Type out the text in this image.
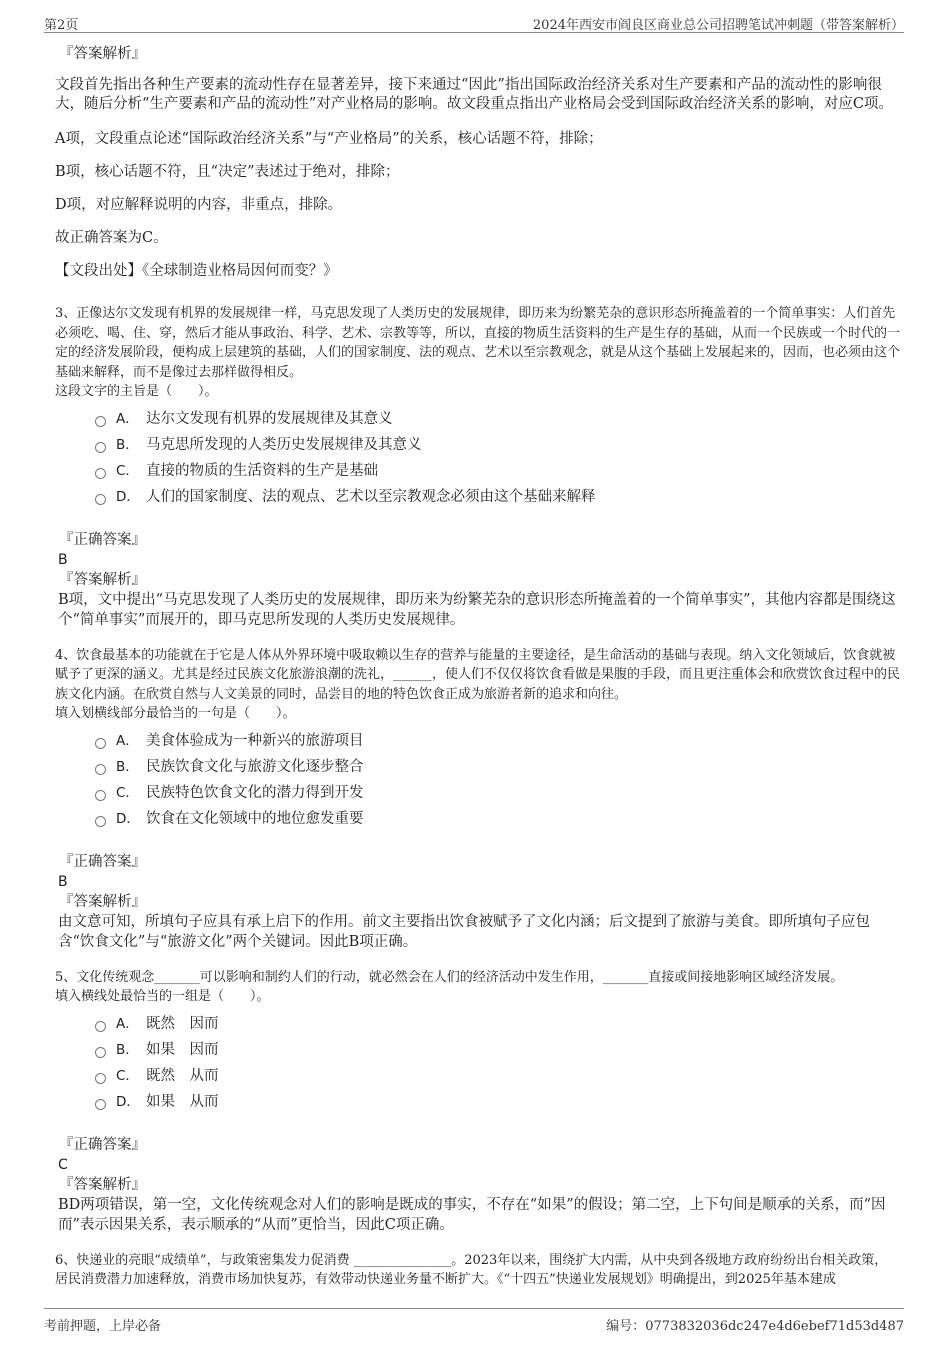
第2页	2024年西安市阎良区商业总公司招聘笔试冲刺题（带答案解析）
『答案解析』
文段首先指出各种生产要素的流动性存在显著差异，接下来通过“因此”指出国际政治经济关系对生产要素和产品的流动性的影响很大，随后分析“生产要素和产品的流动性”对产业格局的影响。故文段重点指出产业格局会受到国际政治经济关系的影响，对应C项。
A项，文段重点论述“国际政治经济关系”与“产业格局”的关系，核心话题不符，排除；
B项，核心话题不符，且“决定”表述过于绝对，排除；
D项，对应解释说明的内容，非重点，排除。
故正确答案为C。
【文段出处】《全球制造业格局因何而变？》
3、正像达尔文发现有机界的发展规律一样，马克思发现了人类历史的发展规律，即历来为纷繁芜杂的意识形态所掩盖着的一个简单事实：人们首先必须吃、喝、住、穿，然后才能从事政治、科学、艺术、宗教等等，所以，直接的物质生活资料的生产是生存的基础，从而一个民族或一个时代的一定的经济发展阶段，便构成上层建筑的基础，人们的国家制度、法的观点、艺术以至宗教观念，就是从这个基础上发展起来的，因而，也必须由这个基础来解释，而不是像过去那样做得相反。
这段文字的主旨是（　　）。
A． 达尔文发现有机界的发展规律及其意义
B． 马克思所发现的人类历史发展规律及其意义
C． 直接的物质的生活资料的生产是基础
D． 人们的国家制度、法的观点、艺术以至宗教观念必须由这个基础来解释
『正确答案』
B
『答案解析』
B项，文中提出“马克思发现了人类历史的发展规律，即历来为纷繁芜杂的意识形态所掩盖着的一个简单事实”，其他内容都是围绕这个“简单事实”而展开的，即马克思所发现的人类历史发展规律。
4、饮食最基本的功能就在于它是人体从外界环境中吸取赖以生存的营养与能量的主要途径，是生命活动的基础与表现。纳入文化领域后，饮食就被赋予了更深的涵义。尤其是经过民族文化旅游浪潮的洗礼，______，使人们不仅仅将饮食看做是果腹的手段，而且更注重体会和欣赏饮食过程中的民族文化内涵。在欣赏自然与人文美景的同时，品尝目的地的特色饮食正成为旅游者新的追求和向往。
填入划横线部分最恰当的一句是（　　）。
A． 美食体验成为一种新兴的旅游项目
B． 民族饮食文化与旅游文化逐步整合
C． 民族特色饮食文化的潜力得到开发
D． 饮食在文化领域中的地位愈发重要
『正确答案』
B
『答案解析』
由文意可知，所填句子应具有承上启下的作用。前文主要指出饮食被赋予了文化内涵；后文提到了旅游与美食。即所填句子应包含“饮食文化”与“旅游文化”两个关键词。因此B项正确。
5、文化传统观念_______可以影响和制约人们的行动，就必然会在人们的经济活动中发生作用，_______直接或间接地影响区域经济发展。
填入横线处最恰当的一组是（　　）。
A． 既然　因而
B． 如果　因而
C． 既然　从而
D． 如果　从而
『正确答案』
C
『答案解析』
BD两项错误，第一空，文化传统观念对人们的影响是既成的事实，不存在“如果”的假设；第二空，上下句间是顺承的关系，而“因而”表示因果关系，表示顺承的“从而”更恰当，因此C项正确。
6、快递业的亮眼“成绩单”，与政策密集发力促消费 _______________。2023年以来，围绕扩大内需，从中央到各级地方政府纷纷出台相关政策，居民消费潜力加速释放，消费市场加快复苏，有效带动快递业务量不断扩大。《“十四五”快递业发展规划》明确提出，到2025年基本建成
考前押题，上岸必备	编号：0773832036dc247e4d6ebef71d53d487
